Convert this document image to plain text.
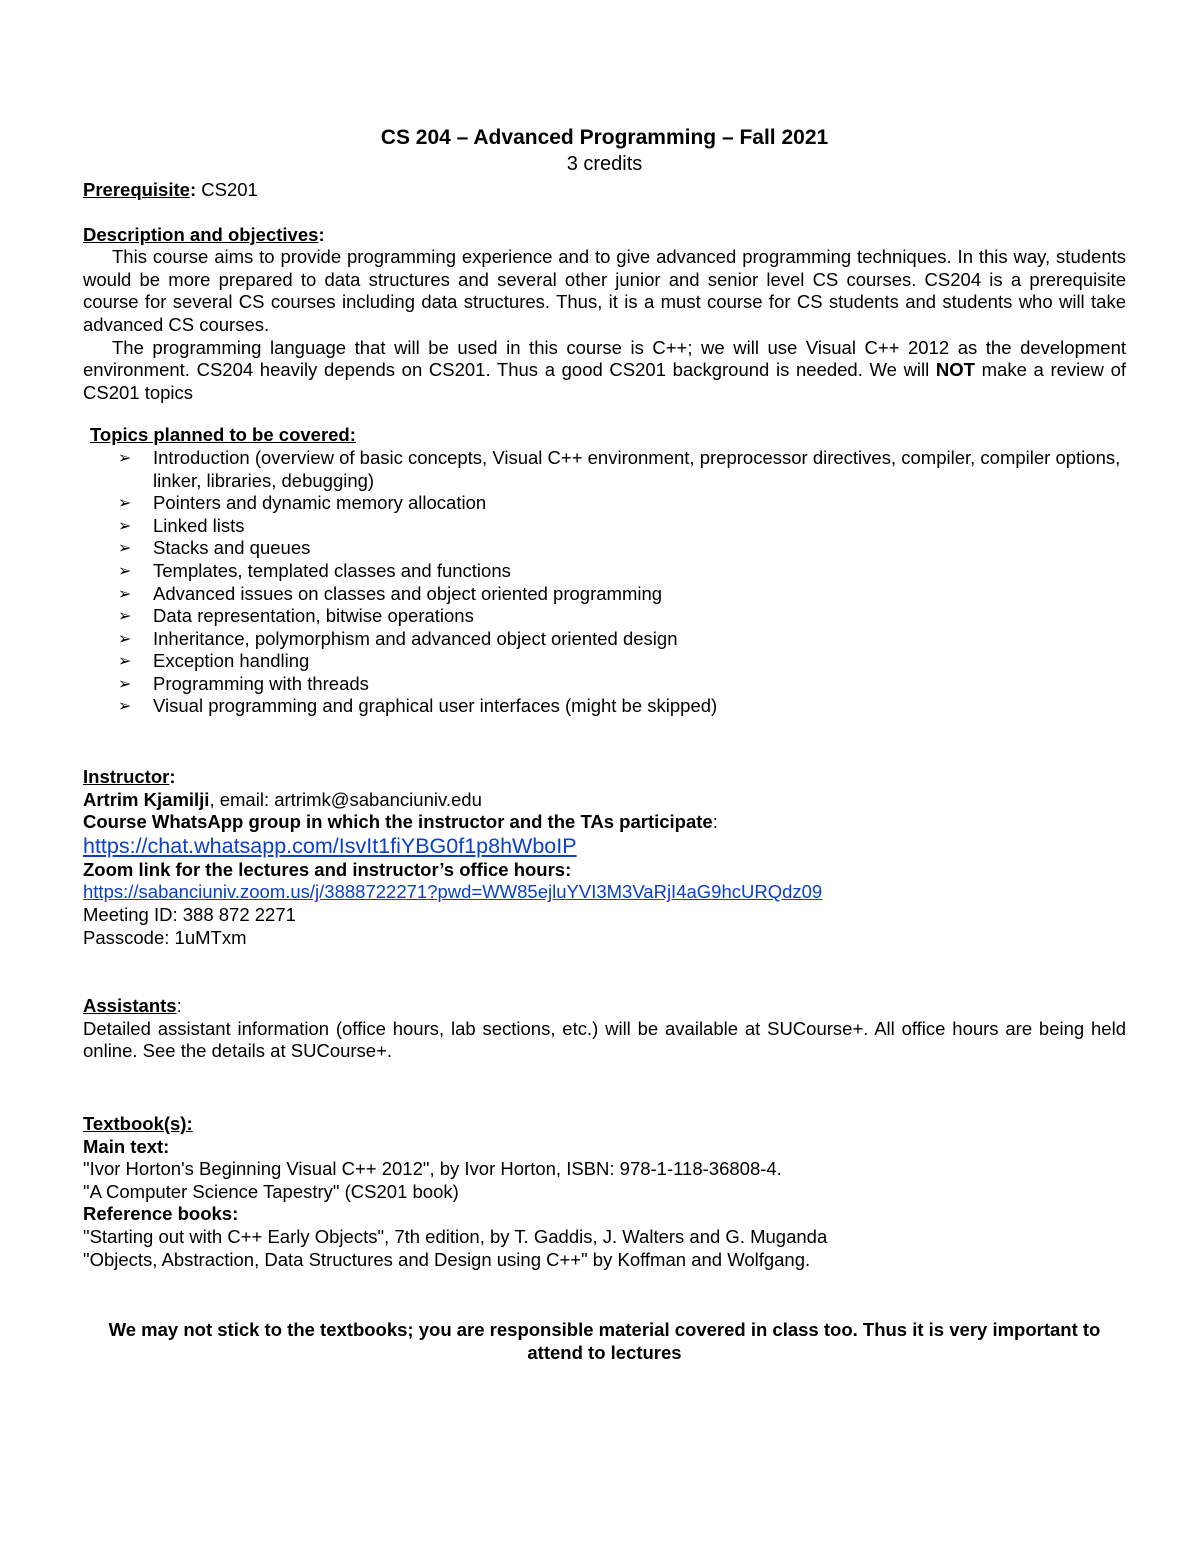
CS 204 – Advanced Programming – Fall 2021
3 credits

Prerequisite: CS201

Description and objectives:

This course aims to provide programming experience and to give advanced programming techniques. In this way, students would be more prepared to data structures and several other junior and senior level CS courses. CS204 is a prerequisite course for several CS courses including data structures. Thus, it is a must course for CS students and students who will take advanced CS courses.

The programming language that will be used in this course is C++; we will use Visual C++ 2012 as the development environment. CS204 heavily depends on CS201. Thus a good CS201 background is needed. We will NOT make a review of CS201 topics

Topics planned to be covered:

➢ Introduction (overview of basic concepts, Visual C++ environment, preprocessor directives, compiler, compiler options, linker, libraries, debugging)
➢ Pointers and dynamic memory allocation
➢ Linked lists
➢ Stacks and queues
➢ Templates, templated classes and functions
➢ Advanced issues on classes and object oriented programming
➢ Data representation, bitwise operations
➢ Inheritance, polymorphism and advanced object oriented design
➢ Exception handling
➢ Programming with threads
➢ Visual programming and graphical user interfaces (might be skipped)

Instructor:

Artrim Kjamilji, email: artrimk@sabanciuniv.edu

Course WhatsApp group in which the instructor and the TAs participate:

https://chat.whatsapp.com/IsvIt1fiYBG0f1p8hWboIP

Zoom link for the lectures and instructor’s office hours:

https://sabanciuniv.zoom.us/j/3888722271?pwd=WW85ejluYVI3M3VaRjI4aG9hcURQdz09

Meeting ID: 388 872 2271

Passcode: 1uMTxm

Assistants:

Detailed assistant information (office hours, lab sections, etc.) will be available at SUCourse+. All office hours are being held online. See the details at SUCourse+.

Textbook(s):

Main text:

"Ivor Horton's Beginning Visual C++ 2012", by Ivor Horton, ISBN: 978-1-118-36808-4.

"A Computer Science Tapestry" (CS201 book)

Reference books:

"Starting out with C++ Early Objects", 7th edition, by T. Gaddis, J. Walters and G. Muganda

"Objects, Abstraction, Data Structures and Design using C++" by Koffman and Wolfgang.

We may not stick to the textbooks; you are responsible material covered in class too. Thus it is very important to attend to lectures
